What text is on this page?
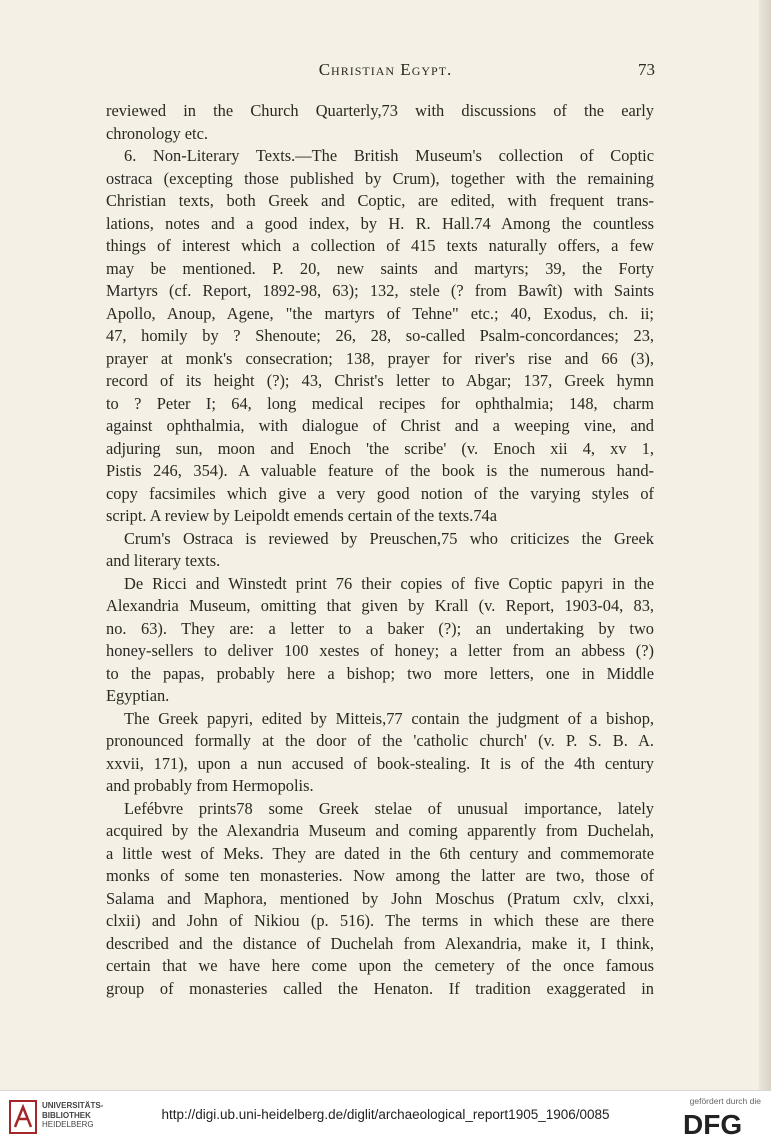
Christian Egypt.	73
reviewed in the Church Quarterly,73 with discussions of the early
chronology etc.
6. Non-Literary Texts.—The British Museum's collection of Coptic
ostraca (excepting those published by Crum), together with the remaining
Christian texts, both Greek and Coptic, are edited, with frequent trans-
lations, notes and a good index, by H. R. Hall.74 Among the countless
things of interest which a collection of 415 texts naturally offers, a few
may be mentioned. P. 20, new saints and martyrs; 39, the Forty
Martyrs (cf. Report, 1892-98, 63); 132, stele (? from Bawît) with Saints
Apollo, Anoup, Agene, "the martyrs of Tehne" etc.; 40, Exodus, ch. ii;
47, homily by ? Shenoute; 26, 28, so-called Psalm-concordances; 23,
prayer at monk's consecration; 138, prayer for river's rise and 66 (3),
record of its height (?); 43, Christ's letter to Abgar; 137, Greek hymn
to ? Peter I; 64, long medical recipes for ophthalmia; 148, charm
against ophthalmia, with dialogue of Christ and a weeping vine, and
adjuring sun, moon and Enoch 'the scribe' (v. Enoch xii 4, xv 1,
Pistis 246, 354). A valuable feature of the book is the numerous hand-
copy facsimiles which give a very good notion of the varying styles of
script. A review by Leipoldt emends certain of the texts.74a
Crum's Ostraca is reviewed by Preuschen,75 who criticizes the Greek
and literary texts.
De Ricci and Winstedt print 76 their copies of five Coptic papyri in the
Alexandria Museum, omitting that given by Krall (v. Report, 1903-04, 83,
no. 63). They are: a letter to a baker (?); an undertaking by two
honey-sellers to deliver 100 xestes of honey; a letter from an abbess (?)
to the papas, probably here a bishop; two more letters, one in Middle
Egyptian.
The Greek papyri, edited by Mitteis,77 contain the judgment of a bishop,
pronounced formally at the door of the 'catholic church' (v. P. S. B. A.
xxvii, 171), upon a nun accused of book-stealing. It is of the 4th century
and probably from Hermopolis.
Lefébvre prints78 some Greek stelae of unusual importance, lately
acquired by the Alexandria Museum and coming apparently from Duchelah,
a little west of Meks. They are dated in the 6th century and commemorate
monks of some ten monasteries. Now among the latter are two, those of
Salama and Maphora, mentioned by John Moschus (Pratum cxlv, clxxi,
clxii) and John of Nikiou (p. 516). The terms in which these are there
described and the distance of Duchelah from Alexandria, make it, I think,
certain that we have here come upon the cemetery of the once famous
group of monasteries called the Henaton. If tradition exaggerated in
UNIVERSITÄTS-
BIBLIOTHEK
HEIDELBERG
http://digi.ub.uni-heidelberg.de/diglit/archaeological_report1905_1906/0085
gefördert durch die
DFG
